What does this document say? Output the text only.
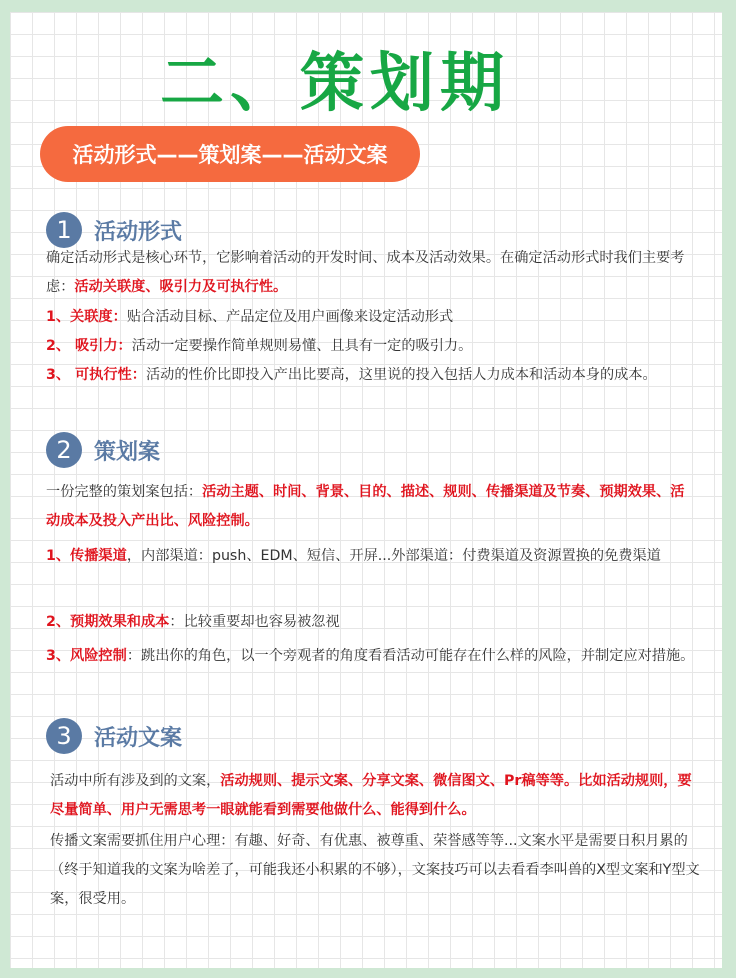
二、策划期
活动形式——策划案——活动文案
1	活动形式

确定活动形式是核心环节，它影响着活动的开发时间、成本及活动效果。在确定活动形式时我们主要考虑：活动关联度、吸引力及可执行性。

1、关联度：贴合活动目标、产品定位及用户画像来设定活动形式

2、 吸引力：活动一定要操作简单规则易懂、且具有一定的吸引力。

3、 可执行性：活动的性价比即投入产出比要高，这里说的投入包括人力成本和活动本身的成本。

2	策划案

一份完整的策划案包括：活动主题、时间、背景、目的、描述、规则、传播渠道及节奏、预期效果、活动成本及投入产出比、风险控制。

1、传播渠道，内部渠道：push、EDM、短信、开屏...外部渠道：付费渠道及资源置换的免费渠道

2、预期效果和成本：比较重要却也容易被忽视

3、风险控制：跳出你的角色，以一个旁观者的角度看看活动可能存在什么样的风险，并制定应对措施。

3	活动文案

活动中所有涉及到的文案，活动规则、提示文案、分享文案、微信图文、Pr稿等等。比如活动规则，要尽量简单、用户无需思考一眼就能看到需要他做什么、能得到什么。

传播文案需要抓住用户心理：有趣、好奇、有优惠、被尊重、荣誉感等等...文案水平是需要日积月累的（终于知道我的文案为啥差了，可能我还小积累的不够），文案技巧可以去看看李叫兽的X型文案和Y型文案，很受用。
